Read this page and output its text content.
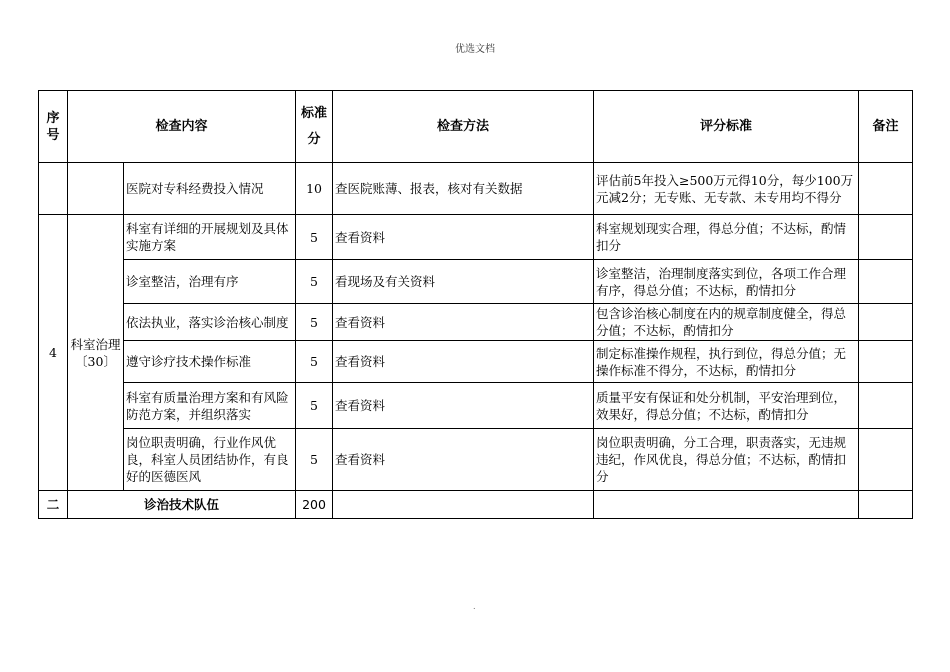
优选文档
序号	检查内容		标准分	检查方法	评分标准	备注
		医院对专科经费投入情况	10	查医院账薄、报表，核对有关数据	评估前5年投入≥500万元得10分，每少100万元减2分；无专账、无专款、未专用均不得分	
4	科室治理〔30〕	科室有详细的开展规划及具体实施方案	5	查看资料	科室规划现实合理，得总分值；不达标，酌情扣分	
		诊室整洁，治理有序	5	看现场及有关资料	诊室整洁，治理制度落实到位，各项工作合理有序，得总分值；不达标，酌情扣分	
		依法执业，落实诊治核心制度	5	查看资料	包含诊治核心制度在内的规章制度健全，得总分值；不达标，酌情扣分	
		遵守诊疗技术操作标准	5	查看资料	制定标准操作规程，执行到位，得总分值；无操作标准不得分，不达标，酌情扣分	
		科室有质量治理方案和有风险防范方案，并组织落实	5	查看资料	质量平安有保证和处分机制，平安治理到位，效果好，得总分值；不达标，酌情扣分	
		岗位职责明确，行业作风优良，科室人员团结协作，有良好的医德医风	5	查看资料	岗位职责明确，分工合理，职责落实，无违规违纪，作风优良，得总分值；不达标，酌情扣分	
二	诊治技术队伍		200			
.
